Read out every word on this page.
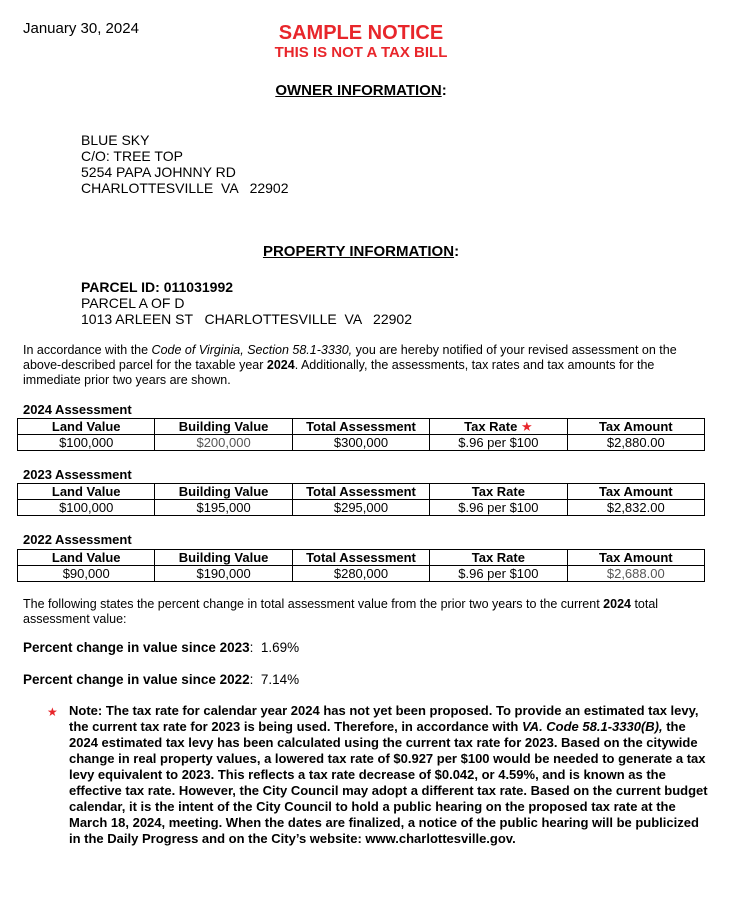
January 30, 2024	SAMPLE NOTICE
THIS IS NOT A TAX BILL
OWNER INFORMATION:
BLUE SKY
C/O: TREE TOP
5254 PAPA JOHNNY RD
CHARLOTTESVILLE  VA   22902
PROPERTY INFORMATION:
PARCEL ID: 011031992
PARCEL A OF D
1013 ARLEEN ST   CHARLOTTESVILLE  VA   22902
In accordance with the Code of Virginia, Section 58.1-3330, you are hereby notified of your revised assessment on the above-described parcel for the taxable year 2024. Additionally, the assessments, tax rates and tax amounts for the immediate prior two years are shown.
2024 Assessment
Land Value	Building Value	Total Assessment	Tax Rate ★	Tax Amount
$100,000	$200,000	$300,000	$.96 per $100	$2,880.00
2023 Assessment
Land Value	Building Value	Total Assessment	Tax Rate	Tax Amount
$100,000	$195,000	$295,000	$.96 per $100	$2,832.00
2022 Assessment
Land Value	Building Value	Total Assessment	Tax Rate	Tax Amount
$90,000	$190,000	$280,000	$.96 per $100	$2,688.00
The following states the percent change in total assessment value from the prior two years to the current 2024 total assessment value:
Percent change in value since 2023:  1.69%
Percent change in value since 2022:  7.14%
★ Note: The tax rate for calendar year 2024 has not yet been proposed. To provide an estimated tax levy, the current tax rate for 2023 is being used. Therefore, in accordance with VA. Code 58.1-3330(B), the 2024 estimated tax levy has been calculated using the current tax rate for 2023. Based on the citywide change in real property values, a lowered tax rate of $0.927 per $100 would be needed to generate a tax levy equivalent to 2023. This reflects a tax rate decrease of $0.042, or 4.59%, and is known as the effective tax rate. However, the City Council may adopt a different tax rate. Based on the current budget calendar, it is the intent of the City Council to hold a public hearing on the proposed tax rate at the March 18, 2024, meeting. When the dates are finalized, a notice of the public hearing will be publicized in the Daily Progress and on the City’s website: www.charlottesville.gov.
